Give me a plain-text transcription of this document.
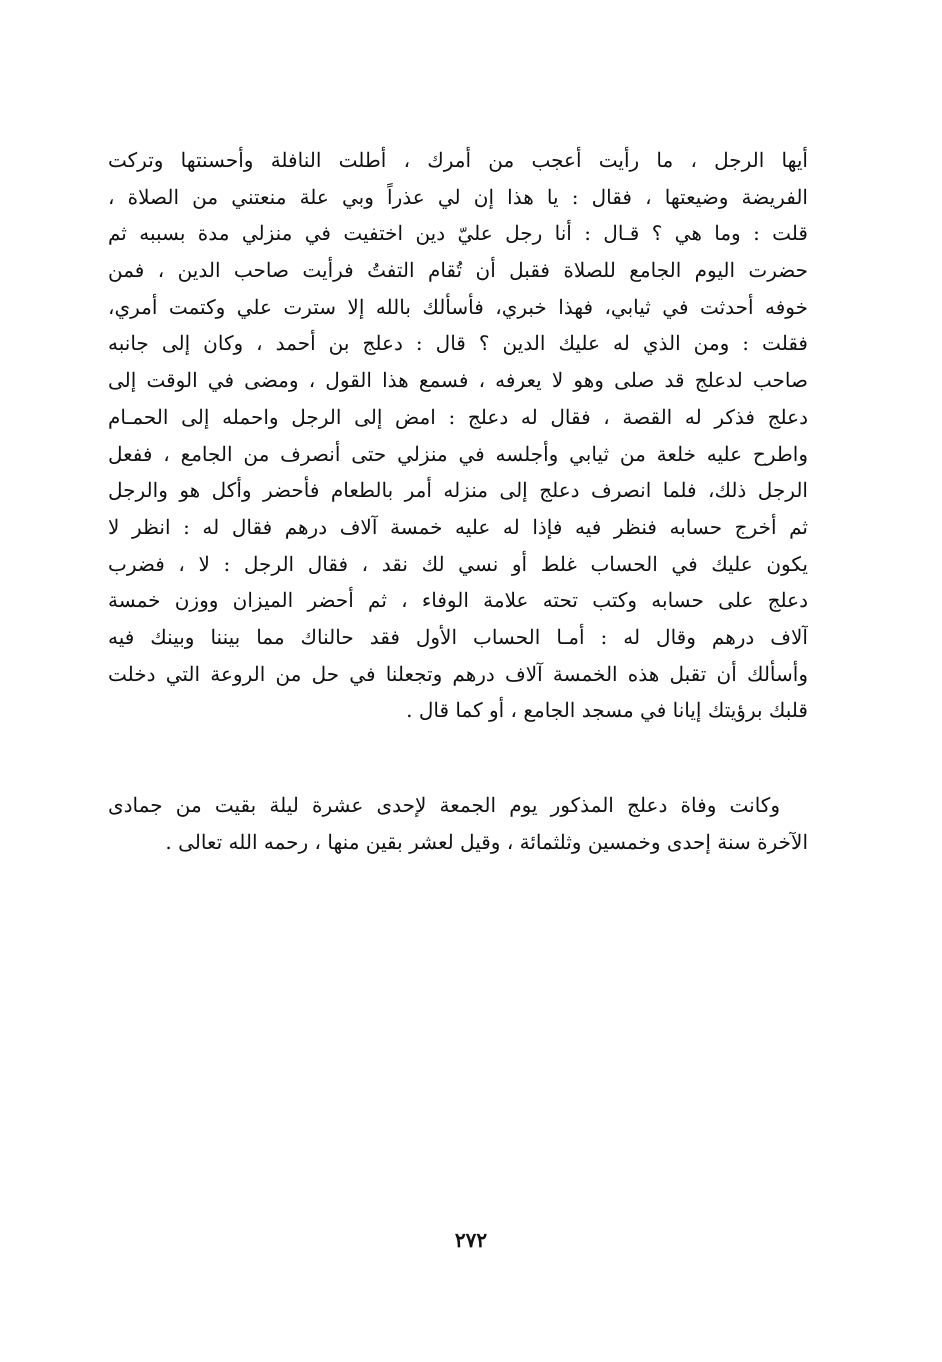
أيها الرجل ، ما رأيت أعجب من أمرك ، أطلت النافلة وأحسنتها وتركت
الفريضة وضيعتها ، فقال : يا هذا إن لي عذراً وبي علة منعتني من الصلاة ،
قلت : وما هي ؟ قـال : أنا رجل عليّ دين اختفيت في منزلي مدة بسببه ثم
حضرت اليوم الجامع للصلاة فقبل أن تُقام التفتُ فرأيت صاحب الدين ، فمن
خوفه أحدثت في ثيابي، فهذا خبري، فأسألك بالله إلا سترت علي وكتمت أمري،
فقلت : ومن الذي له عليك الدين ؟ قال : دعلج بن أحمد ، وكان إلى جانبه
صاحب لدعلج قد صلى وهو لا يعرفه ، فسمع هذا القول ، ومضى في الوقت إلى
دعلج فذكر له القصة ، فقال له دعلج : امض إلى الرجل واحمله إلى الحمـام
واطرح عليه خلعة من ثيابي وأجلسه في منزلي حتى أنصرف من الجامع ، ففعل
الرجل ذلك، فلما انصرف دعلج إلى منزله أمر بالطعام فأحضر وأكل هو والرجل
ثم أخرج حسابه فنظر فيه فإذا له عليه خمسة آلاف درهم فقال له : انظر لا
يكون عليك في الحساب غلط أو نسي لك نقد ، فقال الرجل : لا ، فضرب
دعلج على حسابه وكتب تحته علامة الوفاء ، ثم أحضر الميزان ووزن خمسة
آلاف درهم وقال له : أمـا الحساب الأول فقد حالناك مما بيننا وبينك فيه
وأسألك أن تقبل هذه الخمسة آلاف درهم وتجعلنا في حل من الروعة التي دخلت
قلبك برؤيتك إيانا في مسجد الجامع ، أو كما قال .
وكانت وفاة دعلج المذكور يوم الجمعة لإحدى عشرة ليلة بقيت من جمادى
الآخرة سنة إحدى وخمسين وثلثمائة ، وقيل لعشر بقين منها ، رحمه الله تعالى .
٢٧٢
